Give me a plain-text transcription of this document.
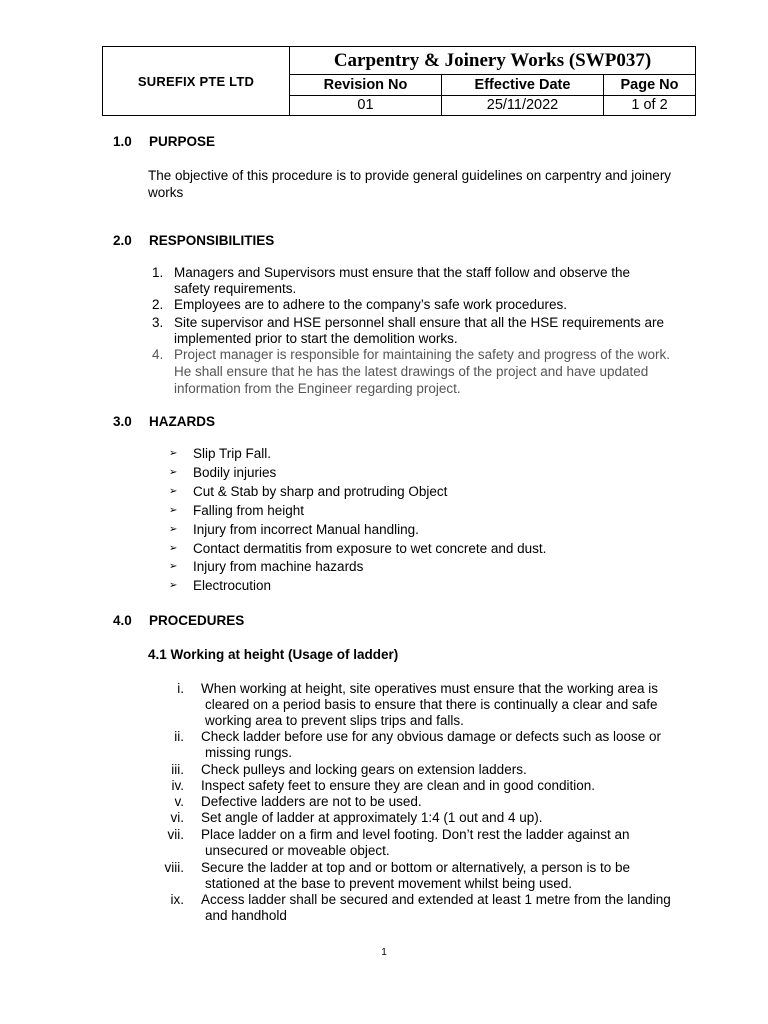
SUREFIX PTE LTD
Carpentry & Joinery Works (SWP037)
Revision No	Effective Date	Page No
01	25/11/2022	1 of 2
1.0 PURPOSE
The objective of this procedure is to provide general guidelines on carpentry and joinery works
2.0 RESPONSIBILITIES
1. Managers and Supervisors must ensure that the staff follow and observe the
safety requirements.
2. Employees are to adhere to the company’s safe work procedures.
3. Site supervisor and HSE personnel shall ensure that all the HSE requirements are
implemented prior to start the demolition works.
4. Project manager is responsible for maintaining the safety and progress of the work.
He shall ensure that he has the latest drawings of the project and have updated
information from the Engineer regarding project.
3.0 HAZARDS
➢ Slip Trip Fall.
➢ Bodily injuries
➢ Cut & Stab by sharp and protruding Object
➢ Falling from height
➢ Injury from incorrect Manual handling.
➢ Contact dermatitis from exposure to wet concrete and dust.
➢ Injury from machine hazards
➢ Electrocution
4.0 PROCEDURES
4.1 Working at height (Usage of ladder)
i. When working at height, site operatives must ensure that the working area is
cleared on a period basis to ensure that there is continually a clear and safe
working area to prevent slips trips and falls.
ii. Check ladder before use for any obvious damage or defects such as loose or
missing rungs.
iii. Check pulleys and locking gears on extension ladders.
iv. Inspect safety feet to ensure they are clean and in good condition.
v. Defective ladders are not to be used.
vi. Set angle of ladder at approximately 1:4 (1 out and 4 up).
vii. Place ladder on a firm and level footing. Don’t rest the ladder against an
unsecured or moveable object.
viii. Secure the ladder at top and or bottom or alternatively, a person is to be
stationed at the base to prevent movement whilst being used.
ix. Access ladder shall be secured and extended at least 1 metre from the landing
and handhold
1
